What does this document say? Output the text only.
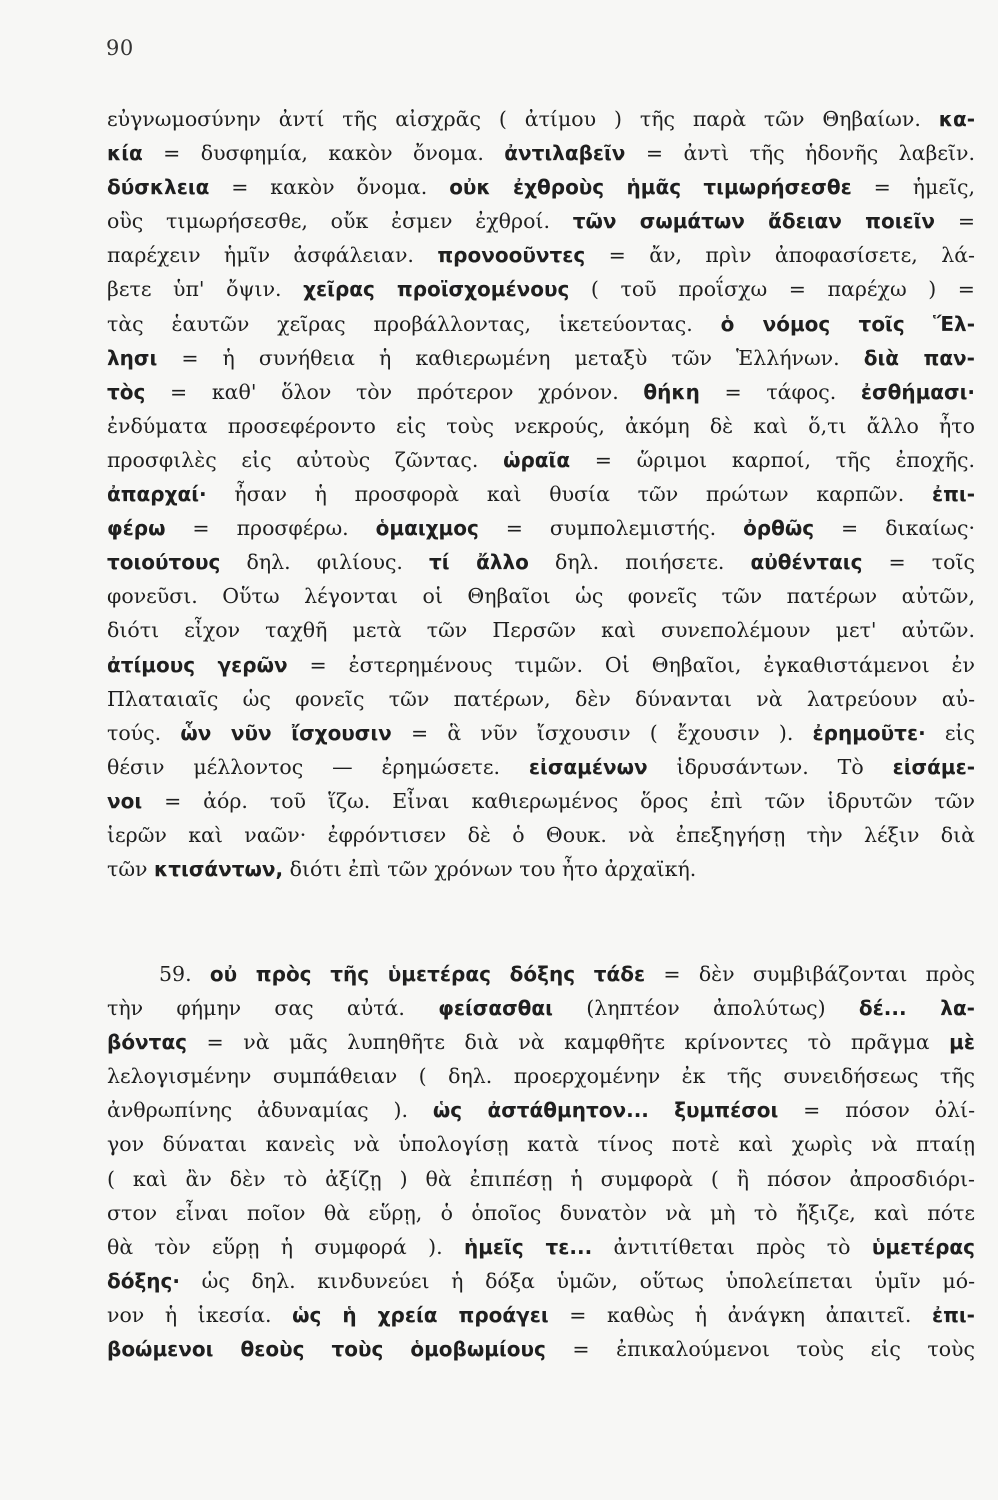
90
εὐγνωμοσύνην ἀντί τῆς αἰσχρᾶς ( ἀτίμου ) τῆς παρὰ τῶν Θηβαίων. κα-
κία = δυσφημία, κακὸν ὄνομα. ἀντιλαβεῖν = ἀντὶ τῆς ἡδονῆς λαβεῖν.
δύσκλεια = κακὸν ὄνομα. οὐκ ἐχθροὺς ἡμᾶς τιμωρήσεσθε = ἡμεῖς,
οὓς τιμωρήσεσθε, οὔκ ἐσμεν ἐχθροί. τῶν σωμάτων ἄδειαν ποιεῖν =
παρέχειν ἡμῖν ἀσφάλειαν. προνοοῦντες = ἄν, πρὶν ἀποφασίσετε, λά-
βετε ὑπ' ὄψιν. χεῖρας προϊσχομένους ( τοῦ προΐσχω = παρέχω ) =
τὰς ἑαυτῶν χεῖρας προβάλλοντας, ἱκετεύοντας. ὁ νόμος τοῖς Ἕλ-
λησι = ἡ συνήθεια ἡ καθιερωμένη μεταξὺ τῶν Ἑλλήνων. διὰ παν-
τὸς = καθ' ὅλον τὸν πρότερον χρόνον. θήκη = τάφος. ἐσθήμασι·
ἐνδύματα προσεφέροντο εἰς τοὺς νεκρούς, ἀκόμη δὲ καὶ ὅ,τι ἄλλο ἦτο
προσφιλὲς εἰς αὐτοὺς ζῶντας. ὡραῖα = ὥριμοι καρποί, τῆς ἐποχῆς.
ἀπαρχαί· ἦσαν ἡ προσφορὰ καὶ θυσία τῶν πρώτων καρπῶν. ἐπι-
φέρω = προσφέρω. ὁμαιχμος = συμπολεμιστής. ὀρθῶς = δικαίως·
τοιούτους δηλ. φιλίους. τί ἄλλο δηλ. ποιήσετε. αὐθένταις = τοῖς
φονεῦσι. Οὕτω λέγονται οἱ Θηβαῖοι ὡς φονεῖς τῶν πατέρων αὐτῶν,
διότι εἶχον ταχθῆ μετὰ τῶν Περσῶν καὶ συνεπολέμουν μετ' αὐτῶν.
ἀτίμους γερῶν = ἐστερημένους τιμῶν. Οἱ Θηβαῖοι, ἐγκαθιστάμενοι ἐν
Πλαταιαῖς ὡς φονεῖς τῶν πατέρων, δὲν δύνανται νὰ λατρεύουν αὐ-
τούς. ὧν νῦν ἴσχουσιν = ἃ νῦν ἴσχουσιν ( ἔχουσιν ). ἐρημοῦτε· εἰς
θέσιν μέλλοντος — ἐρημώσετε. εἰσαμένων ἱδρυσάντων. Τὸ εἰσάμε-
νοι = ἀόρ. τοῦ ἵζω. Εἶναι καθιερωμένος ὅρος ἐπὶ τῶν ἱδρυτῶν τῶν
ἱερῶν καὶ ναῶν· ἐφρόντισεν δὲ ὁ Θουκ. νὰ ἐπεξηγήσῃ τὴν λέξιν διὰ
τῶν κτισάντων, διότι ἐπὶ τῶν χρόνων του ἦτο ἀρχαϊκή.
59. οὐ πρὸς τῆς ὑμετέρας δόξης τάδε = δὲν συμβιβάζονται πρὸς
τὴν φήμην σας αὐτά. φείσασθαι (ληπτέον ἀπολύτως) δέ... λα-
βόντας = νὰ μᾶς λυπηθῆτε διὰ νὰ καμφθῆτε κρίνοντες τὸ πρᾶγμα μὲ
λελογισμένην συμπάθειαν ( δηλ. προερχομένην ἐκ τῆς συνειδήσεως τῆς
ἀνθρωπίνης ἀδυναμίας ). ὡς ἀστάθμητον... ξυμπέσοι = πόσον ὀλί-
γον δύναται κανεὶς νὰ ὑπολογίσῃ κατὰ τίνος ποτὲ καὶ χωρὶς νὰ πταίῃ
( καὶ ἂν δὲν τὸ ἀξίζῃ ) θὰ ἐπιπέσῃ ἡ συμφορὰ ( ἢ πόσον ἀπροσδιόρι-
στον εἶναι ποῖον θὰ εὕρῃ, ὁ ὁποῖος δυνατὸν νὰ μὴ τὸ ἤξιζε, καὶ πότε
θὰ τὸν εὕρῃ ἡ συμφορά ). ἡμεῖς τε... ἀντιτίθεται πρὸς τὸ ὑμετέρας
δόξης· ὡς δηλ. κινδυνεύει ἡ δόξα ὑμῶν, οὕτως ὑπολείπεται ὑμῖν μό-
νον ἡ ἱκεσία. ὡς ἡ χρεία προάγει = καθὼς ἡ ἀνάγκη ἀπαιτεῖ. ἐπι-
βοώμενοι θεοὺς τοὺς ὁμοβωμίους = ἐπικαλούμενοι τοὺς εἰς τοὺς
